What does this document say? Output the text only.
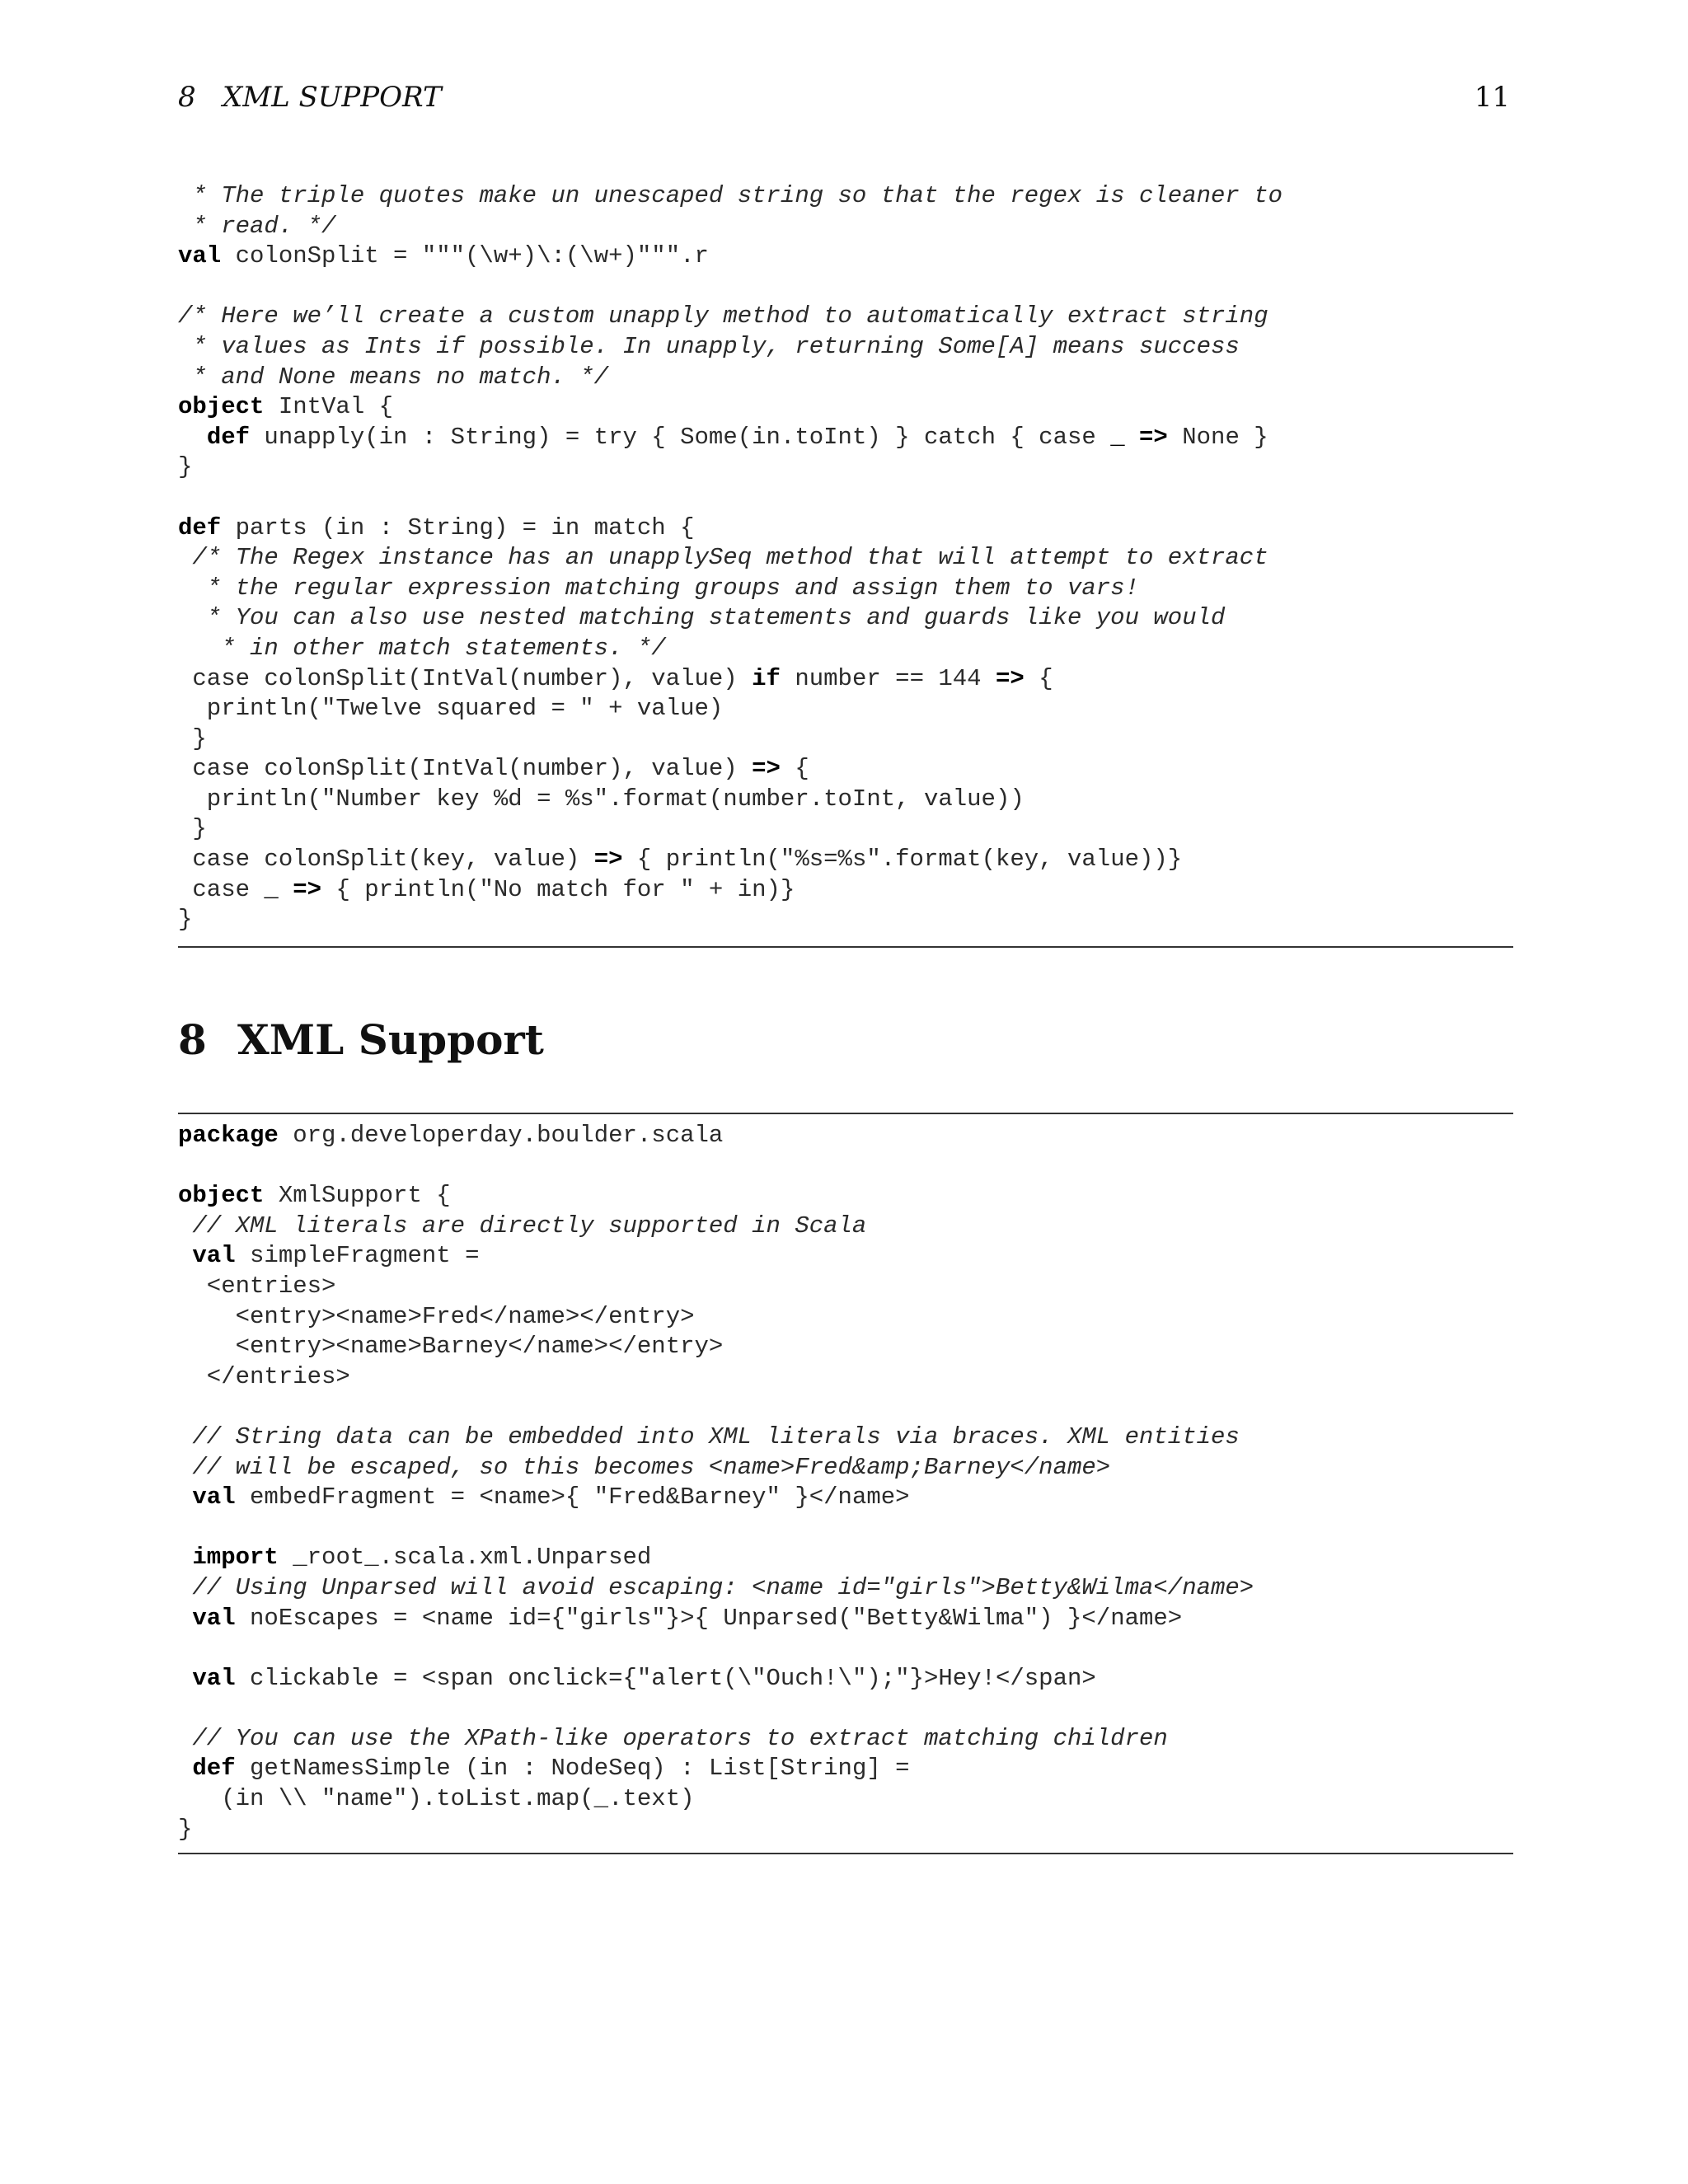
8   XML SUPPORT	11
* The triple quotes make un unescaped string so that the regex is cleaner to
* read. */
val colonSplit = """(\w+)\:(\w+)""".r
/* Here we’ll create a custom unapply method to automatically extract string
* values as Ints if possible. In unapply, returning Some[A] means success
* and None means no match. */
object IntVal {
def unapply(in : String) = try { Some(in.toInt) } catch { case _ => None }
}
def parts (in : String) = in match {
/* The Regex instance has an unapplySeq method that will attempt to extract
* the regular expression matching groups and assign them to vars!
* You can also use nested matching statements and guards like you would
* in other match statements. */
case colonSplit(IntVal(number), value) if number == 144 => {
println("Twelve squared = " + value)
}
case colonSplit(IntVal(number), value) => {
println("Number key %d = %s".format(number.toInt, value))
}
case colonSplit(key, value) => { println("%s=%s".format(key, value))}
case _ => { println("No match for " + in)}
}
8 XML Support
package org.developerday.boulder.scala
object XmlSupport {
// XML literals are directly supported in Scala
val simpleFragment =
<entries>
<entry><name>Fred</name></entry>
<entry><name>Barney</name></entry>
</entries>
// String data can be embedded into XML literals via braces. XML entities
// will be escaped, so this becomes <name>Fred&amp;Barney</name>
val embedFragment = <name>{ "Fred&Barney" }</name>
import _root_.scala.xml.Unparsed
// Using Unparsed will avoid escaping: <name id="girls">Betty&Wilma</name>
val noEscapes = <name id={"girls"}>{ Unparsed("Betty&Wilma") }</name>
val clickable = <span onclick={"alert(\"Ouch!\");"}>Hey!</span>
// You can use the XPath-like operators to extract matching children
def getNamesSimple (in : NodeSeq) : List[String] =
(in \\ "name").toList.map(_.text)
}
